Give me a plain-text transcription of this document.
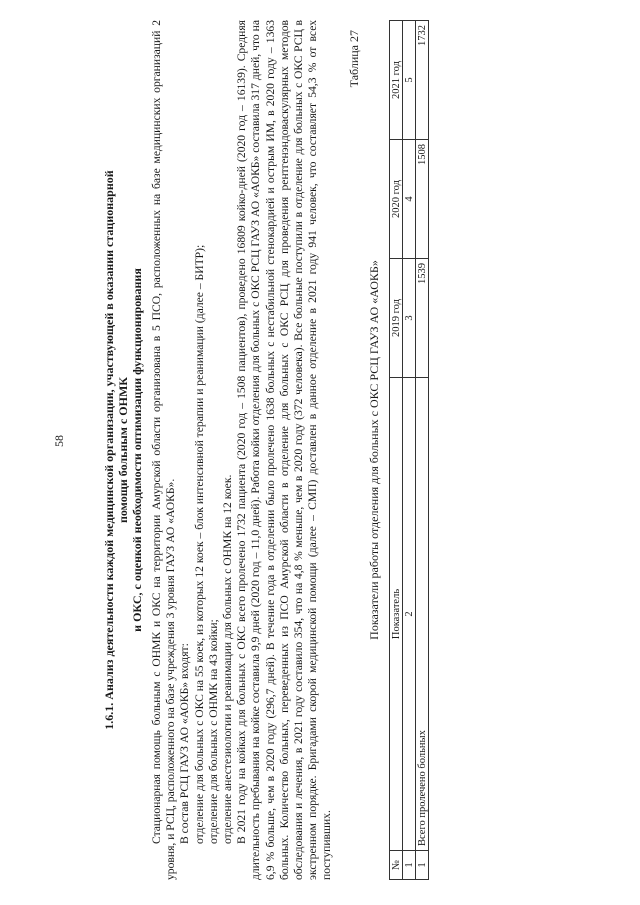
58	1.6.1. Анализ деятельности каждой медицинской организации, участвующей в оказании стационарной помощи больным с ОНМК и ОКС, с оценкой необходимости оптимизации функционирования Стационарная помощь больным с ОНМК и ОКС на территории Амурской области организована в 5 ПСО, расположенных на базе медицинских организаций 2 уровня, и РСЦ, расположенного на базе учреждения 3 уровня ГАУЗ АО «АОКБ». В состав РСЦ ГАУЗ АО «АОКБ» входят: отделение для больных с ОКС на 55 коек, из которых 12 коек – блок интенсивной терапии и реанимации (далее – БИТР); отделение для больных с ОНМК на 43 койки; отделение анестезиологии и реанимации для больных с ОНМК на 12 коек. В 2021 году на койках для больных с ОКС всего пролечено 1732 пациента (2020 год – 1508 пациентов), проведено 16809 койко-дней (2020 год – 16139). Средняя длительность пребывания на койке составила 9,9 дней (2020 год – 11,0 дней). Работа койки отделения для больных с ОКС РСЦ ГАУЗ АО «АОКБ» составила 317 дней, что на 6,9 % больше, чем в 2020 году (296,7 дней). В течение года в отделении было пролечено 1638 больных с нестабильной стенокардией и острым ИМ, в 2020 году – 1363 больных. Количество больных, переведенных из ПСО Амурской области в отделение для больных с ОКС РСЦ для проведения рентгенэндоваскулярных методов обследования и лечения, в 2021 году составило 354, что на 4,8 % меньше, чем в 2020 году (372 человека). Все больные поступили в отделение для больных с ОКС РСЦ в экстренном порядке. Бригадами скорой медицинской помощи (далее – СМП) доставлен в данное отделение в 2021 году 941 человек, что составляет 54,3 % от всех поступивших.

Таблица 27
Показатели работы отделения для больных с ОКС РСЦ ГАУЗ АО «АОКБ»
№	Показатель	2019 год	2020 год	2021 год
1	2	3	4	5
1	Всего пролечено больных	1539	1508	1732
